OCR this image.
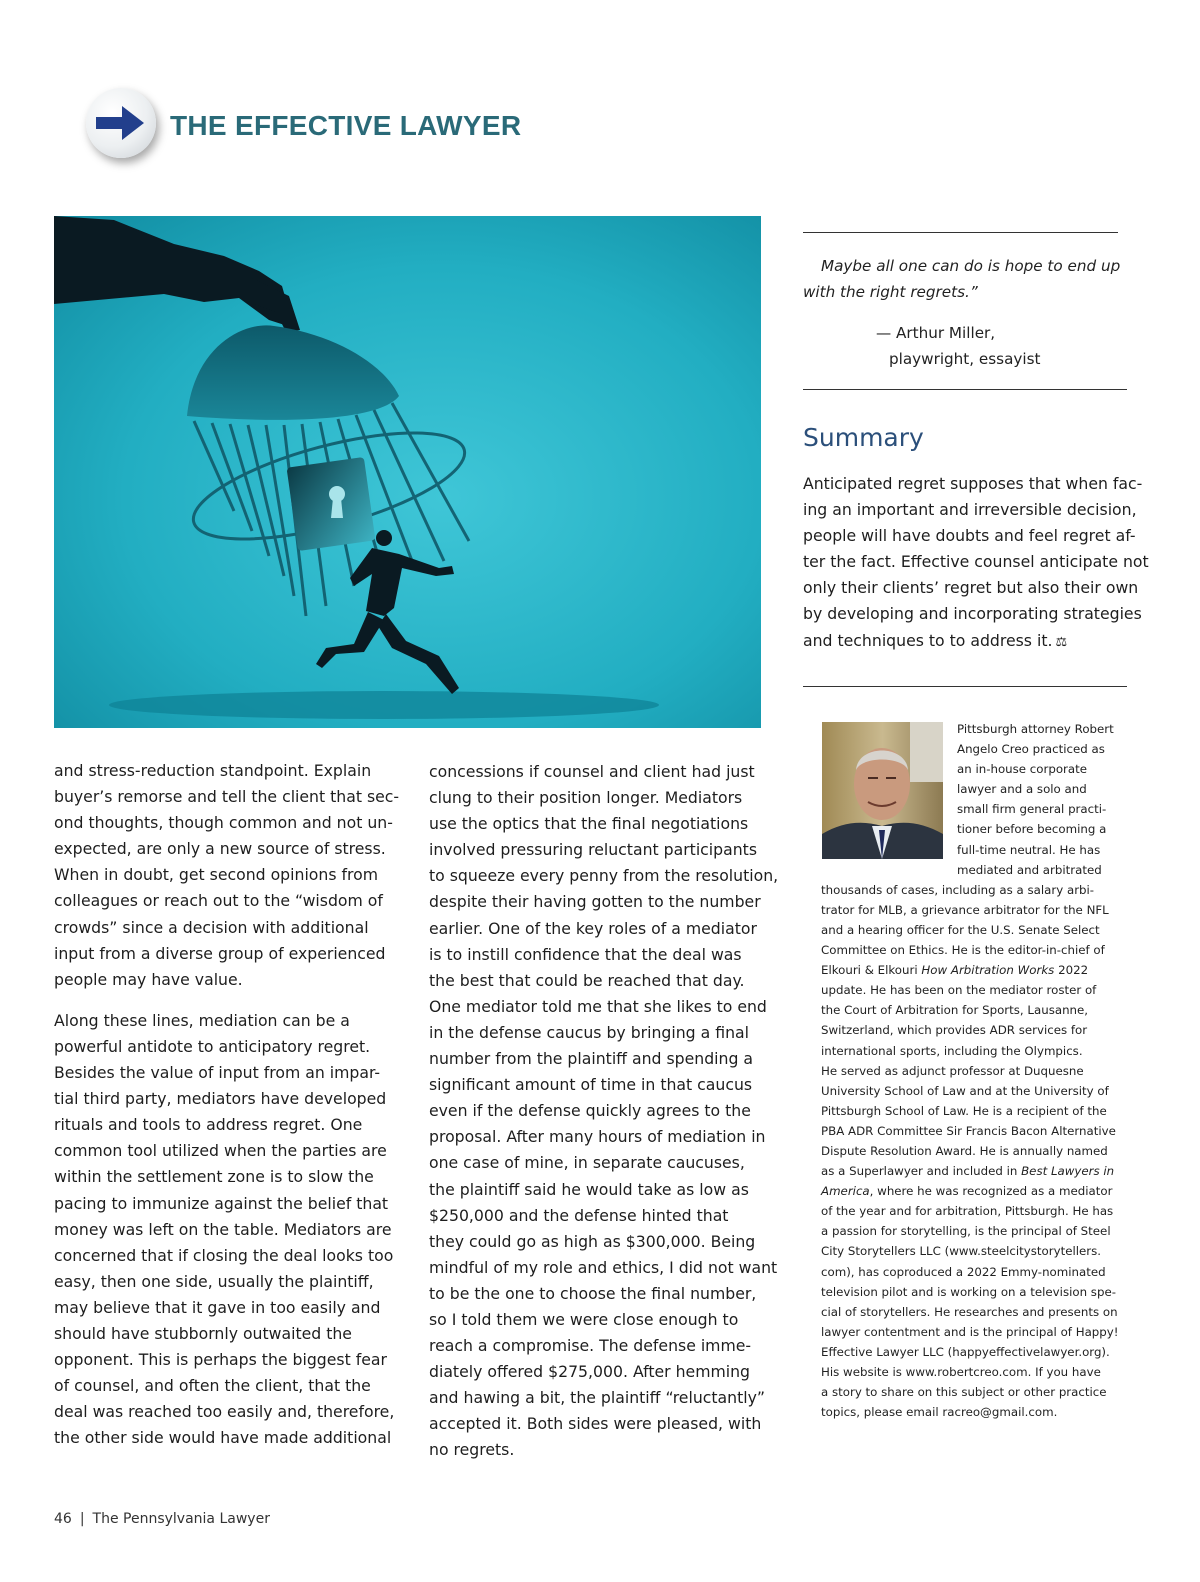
THE EFFECTIVE LAWYER

and stress-reduction standpoint. Explain
buyer’s remorse and tell the client that sec-
ond thoughts, though common and not un-
expected, are only a new source of stress.
When in doubt, get second opinions from
colleagues or reach out to the “wisdom of
crowds” since a decision with additional
input from a diverse group of experienced
people may have value.

Along these lines, mediation can be a
powerful antidote to anticipatory regret.
Besides the value of input from an impar-
tial third party, mediators have developed
rituals and tools to address regret. One
common tool utilized when the parties are
within the settlement zone is to slow the
pacing to immunize against the belief that
money was left on the table. Mediators are
concerned that if closing the deal looks too
easy, then one side, usually the plaintiff,
may believe that it gave in too easily and
should have stubbornly outwaited the
opponent. This is perhaps the biggest fear
of counsel, and often the client, that the
deal was reached too easily and, therefore,
the other side would have made additional

concessions if counsel and client had just
clung to their position longer. Mediators
use the optics that the final negotiations
involved pressuring reluctant participants
to squeeze every penny from the resolution,
despite their having gotten to the number
earlier. One of the key roles of a mediator
is to instill confidence that the deal was
the best that could be reached that day.
One mediator told me that she likes to end
in the defense caucus by bringing a final
number from the plaintiff and spending a
significant amount of time in that caucus
even if the defense quickly agrees to the
proposal. After many hours of mediation in
one case of mine, in separate caucuses,
the plaintiff said he would take as low as
$250,000 and the defense hinted that
they could go as high as $300,000. Being
mindful of my role and ethics, I did not want
to be the one to choose the final number,
so I told them we were close enough to
reach a compromise. The defense imme-
diately offered $275,000. After hemming
and hawing a bit, the plaintiff “reluctantly”
accepted it. Both sides were pleased, with
no regrets.

Maybe all one can do is hope to end up
with the right regrets.”
— Arthur Miller,
playwright, essayist
Summary
Anticipated regret supposes that when fac-
ing an important and irreversible decision,
people will have doubts and feel regret af-
ter the fact. Effective counsel anticipate not
only their clients’ regret but also their own
by developing and incorporating strategies
and techniques to to address it. ⚖
Pittsburgh attorney Robert
Angelo Creo practiced as
an in-house corporate
lawyer and a solo and
small firm general practi-
tioner before becoming a
full-time neutral. He has
mediated and arbitrated
thousands of cases, including as a salary arbi-
trator for MLB, a grievance arbitrator for the NFL
and a hearing officer for the U.S. Senate Select
Committee on Ethics. He is the editor-in-chief of
Elkouri & Elkouri How Arbitration Works 2022
update. He has been on the mediator roster of
the Court of Arbitration for Sports, Lausanne,
Switzerland, which provides ADR services for
international sports, including the Olympics.
He served as adjunct professor at Duquesne
University School of Law and at the University of
Pittsburgh School of Law. He is a recipient of the
PBA ADR Committee Sir Francis Bacon Alternative
Dispute Resolution Award. He is annually named
as a Superlawyer and included in Best Lawyers in
America, where he was recognized as a mediator
of the year and for arbitration, Pittsburgh. He has
a passion for storytelling, is the principal of Steel
City Storytellers LLC (www.steelcitystorytellers.
com), has coproduced a 2022 Emmy-nominated
television pilot and is working on a television spe-
cial of storytellers. He researches and presents on
lawyer contentment and is the principal of Happy!
Effective Lawyer LLC (happyeffectivelawyer.org).
His website is www.robertcreo.com. If you have
a story to share on this subject or other practice
topics, please email racreo@gmail.com.
46 | The Pennsylvania Lawyer
